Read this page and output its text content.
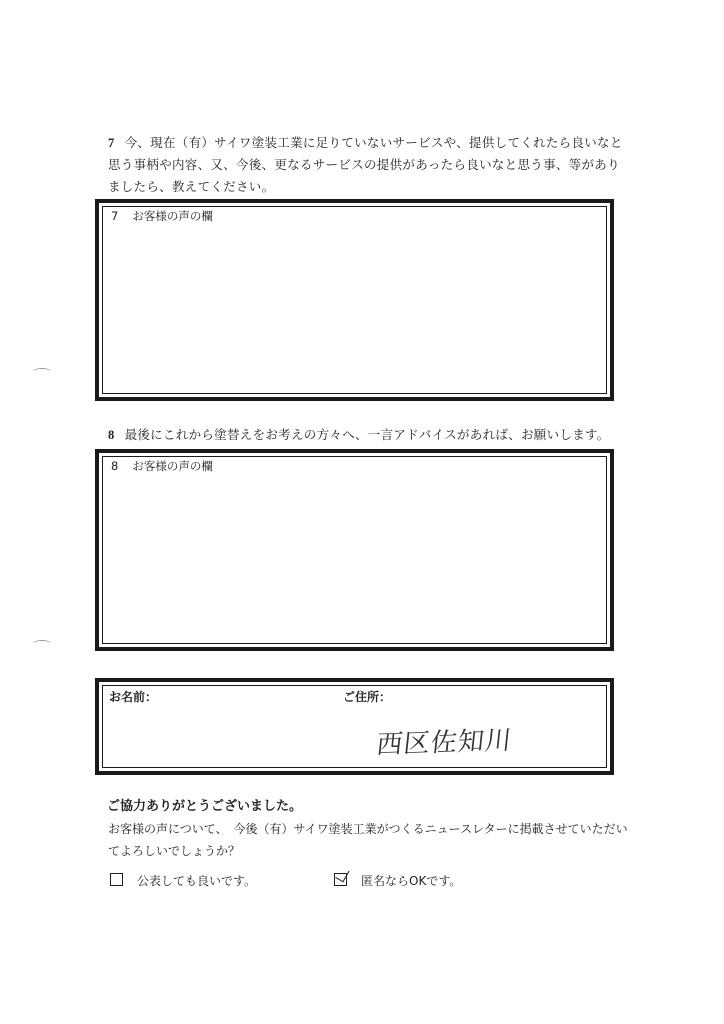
7 今、現在（有）サイワ塗装工業に足りていないサービスや、提供してくれたら良いなと思う事柄や内容、又、今後、更なるサービスの提供があったら良いなと思う事、等がありましたら、教えてください。
7 お客様の声の欄
8 最後にこれから塗替えをお考えの方々へ、一言アドバイスがあれば、お願いします。
8 お客様の声の欄
お名前：	ご住所：
西区佐知川
ご協力ありがとうございました。
お客様の声について、　今後（有）サイワ塗装工業がつくるニュースレターに掲載させていただいてよろしいでしょうか？
公表しても良いです。	匿名ならOKです。
